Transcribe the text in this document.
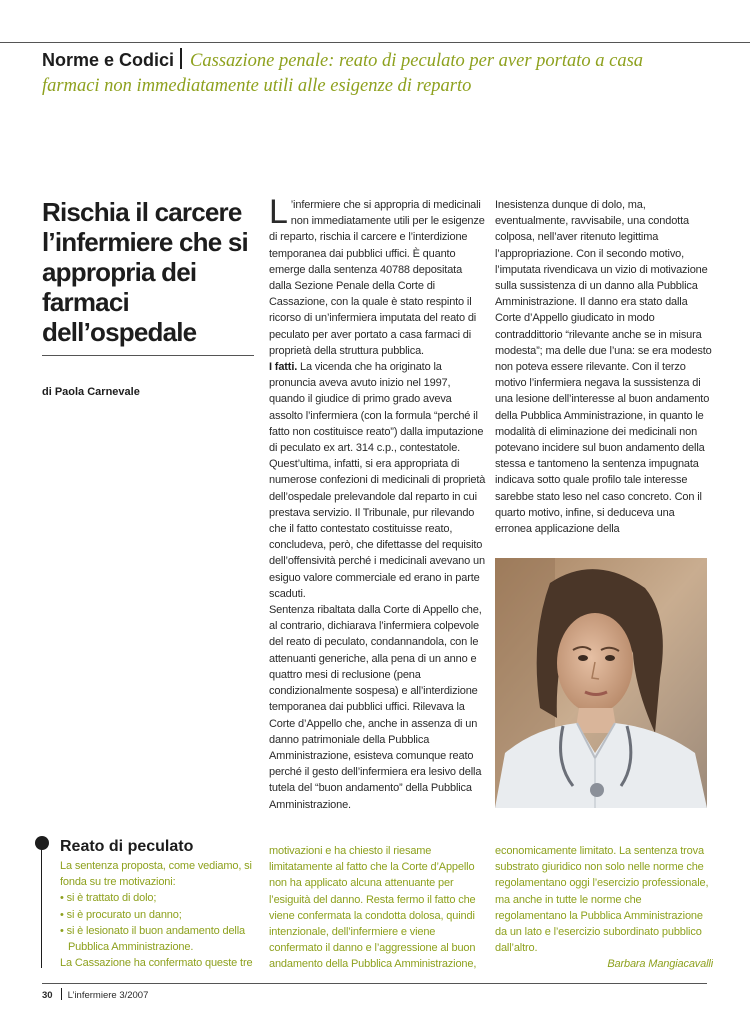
Norme e Codici Cassazione penale: reato di peculato per aver portato a casa farmaci non immediatamente utili alle esigenze di reparto
Rischia il carcere l’infermiere che si appropria dei farmaci dell’ospedale
di Paola Carnevale

L ’infermiere che si appropria di medicinali non immediatamente utili per le esigenze di reparto, rischia il carcere e l’interdizione temporanea dai pubblici uffici. È quanto emerge dalla sentenza 40788 depositata dalla Sezione Penale della Corte di Cassazione, con la quale è stato respinto il ricorso di un’infermiera imputata del reato di peculato per aver portato a casa farmaci di proprietà della struttura pubblica.

I fatti. La vicenda che ha originato la pronuncia aveva avuto inizio nel 1997, quando il giudice di primo grado aveva assolto l’infermiera (con la formula “perché il fatto non costituisce reato”) dalla imputazione di peculato ex art. 314 c.p., contestatole. Quest’ultima, infatti, si era appropriata di numerose confezioni di medicinali di proprietà dell’ospedale prelevandole dal reparto in cui prestava servizio. Il Tribunale, pur rilevando che il fatto contestato costituisse reato, concludeva, però, che difettasse del requisito dell’offensività perché i medicinali avevano un esiguo valore commerciale ed erano in parte scaduti.

Sentenza ribaltata dalla Corte di Appello che, al contrario, dichiarava l’infermiera colpevole del reato di peculato, condannandola, con le attenuanti generiche, alla pena di un anno e quattro mesi di reclusione (pena condizionalmente sospesa) e all’interdizione temporanea dai pubblici uffici. Rilevava la Corte d’Appello che, anche in assenza di un danno patrimoniale della Pubblica Amministrazione, esisteva comunque reato perché il gesto dell’infermiera era lesivo della tutela del “buon andamento” della Pubblica Amministrazione.

Inesistenza dunque di dolo, ma, eventualmente, ravvisabile, una condotta colposa, nell’aver ritenuto legittima l’appropriazione. Con il secondo motivo, l’imputata rivendicava un vizio di motivazione sulla sussistenza di un danno alla Pubblica Amministrazione. Il danno era stato dalla Corte d’Appello giudicato in modo contraddittorio “rilevante anche se in misura modesta”; ma delle due l’una: se era modesto non poteva essere rilevante. Con il terzo motivo l’infermiera negava la sussistenza di una lesione dell’interesse al buon andamento della Pubblica Amministrazione, in quanto le modalità di eliminazione dei medicinali non potevano incidere sul buon andamento della stessa e tantomeno la sentenza impugnata indicava sotto quale profilo tale interesse sarebbe stato leso nel caso concreto. Con il quarto motivo, infine, si deduceva una erronea applicazione della

Reato di peculato

La sentenza proposta, come vediamo, si fonda su tre motivazioni:

• si è trattato di dolo;
• si è procurato un danno;
• si è lesionato il buon andamento della Pubblica Amministrazione.

La Cassazione ha confermato queste tre

motivazioni e ha chiesto il riesame limitatamente al fatto che la Corte d’Appello non ha applicato alcuna attenuante per l’esiguità del danno. Resta fermo il fatto che viene confermata la condotta dolosa, quindi intenzionale, dell’infermiere e viene confermato il danno e l’aggressione al buon andamento della Pubblica Amministrazione,

economicamente limitato. La sentenza trova substrato giuridico non solo nelle norme che regolamentano oggi l’esercizio professionale, ma anche in tutte le norme che regolamentano la Pubblica Amministrazione da un lato e l’esercizio subordinato pubblico dall’altro.

Barbara Mangiacavalli

30 L’infermiere 3/2007
